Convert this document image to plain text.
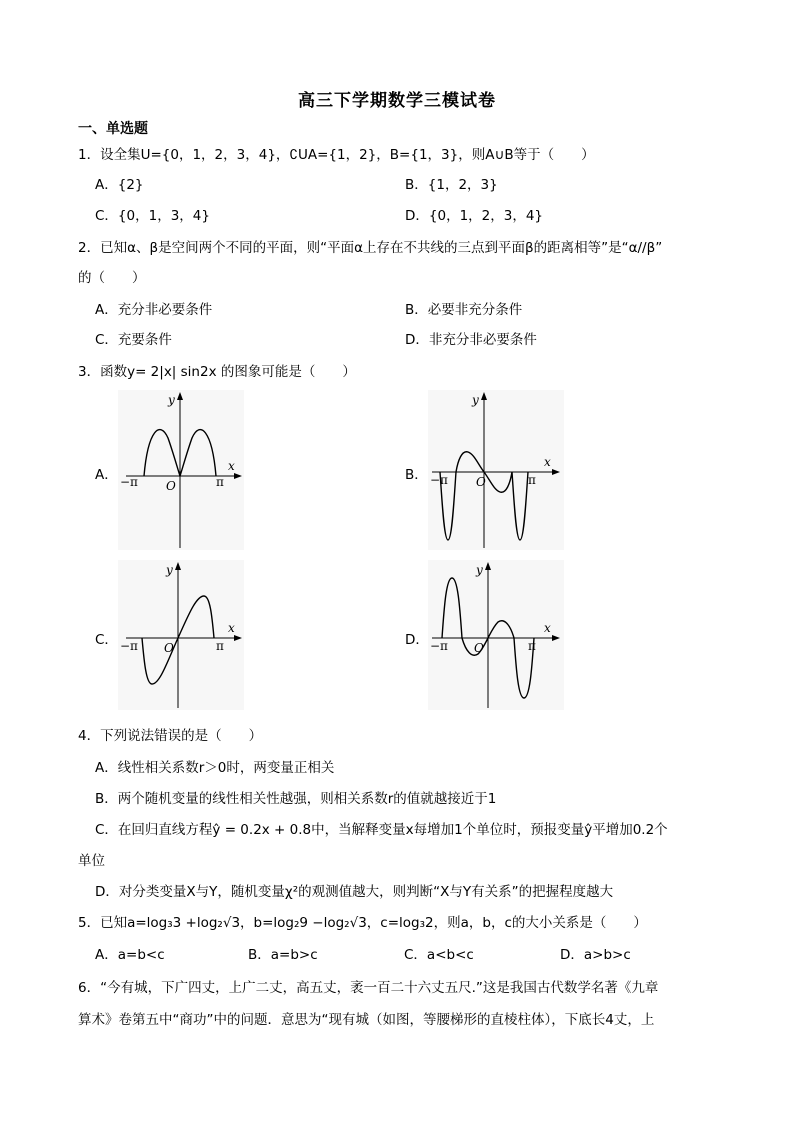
高三下学期数学三模试卷
一、单选题
1．设全集U={0，1，2，3，4}，∁UA={1，2}，B={1，3}，则A∪B等于（　　）
A．{2}	B．{1，2，3}
C．{0，1，3，4}	D．{0，1，2，3，4}
2．已知α、β是空间两个不同的平面，则“平面α上存在不共线的三点到平面β的距离相等”是“α//β”
的（　　）
A．充分非必要条件	B．必要非充分条件
C．充要条件	D．非充分非必要条件
3．函数y= 2|x| sin2x 的图象可能是（　　）
A．	B．
C．	D．
y
x
O
−π	π
y
x
O
−π	π
y
x
O
−π	π
y
x
O
−π	π
4．下列说法错误的是（　　）
A．线性相关系数r＞0时，两变量正相关
B．两个随机变量的线性相关性越强，则相关系数r的值就越接近于1
C．在回归直线方程ŷ = 0.2x + 0.8中，当解释变量x每增加1个单位时，预报变量ŷ平增加0.2个
单位
D．对分类变量X与Y，随机变量χ²的观测值越大，则判断“X与Y有关系”的把握程度越大
5．已知a=log₃3 +log₂√3，b=log₂9 −log₂√3，c=log₃2，则a，b，c的大小关系是（　　）
A．a=b<c	B．a=b>c	C．a<b<c	D．a>b>c
6．“今有城，下广四丈，上广二丈，高五丈，袤一百二十六丈五尺.”这是我国古代数学名著《九章
算术》卷第五中“商功”中的问题．意思为“现有城（如图，等腰梯形的直棱柱体），下底长4丈，上
